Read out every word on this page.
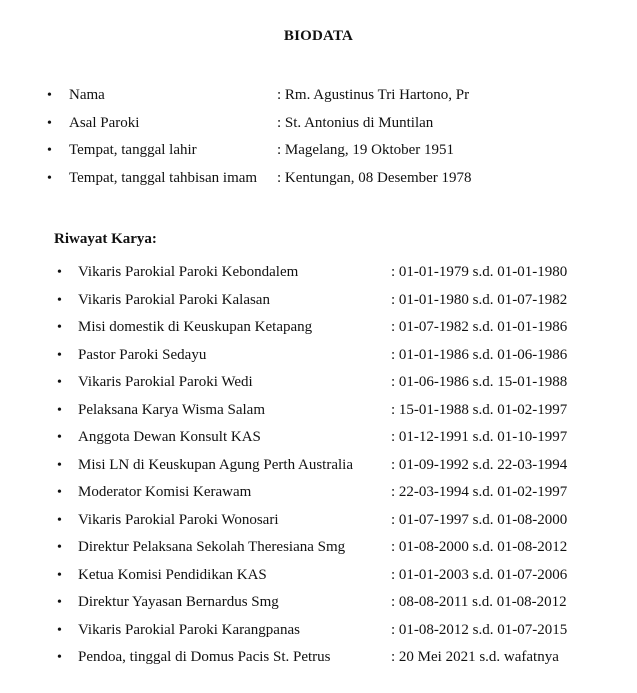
BIODATA
• Nama	: Rm. Agustinus Tri Hartono, Pr
• Asal Paroki	: St. Antonius di Muntilan
• Tempat, tanggal lahir	: Magelang, 19 Oktober 1951
• Tempat, tanggal tahbisan imam : Kentungan, 08 Desember 1978
Riwayat Karya:
• Vikaris Parokial Paroki Kebondalem	: 01-01-1979 s.d. 01-01-1980
• Vikaris Parokial Paroki Kalasan	: 01-01-1980 s.d. 01-07-1982
• Misi domestik di Keuskupan Ketapang	: 01-07-1982 s.d. 01-01-1986
• Pastor Paroki Sedayu	: 01-01-1986 s.d. 01-06-1986
• Vikaris Parokial Paroki Wedi	: 01-06-1986 s.d. 15-01-1988
• Pelaksana Karya Wisma Salam	: 15-01-1988 s.d. 01-02-1997
• Anggota Dewan Konsult KAS	: 01-12-1991 s.d. 01-10-1997
• Misi LN di Keuskupan Agung Perth Australia	: 01-09-1992 s.d. 22-03-1994
• Moderator Komisi Kerawam	: 22-03-1994 s.d. 01-02-1997
• Vikaris Parokial Paroki Wonosari	: 01-07-1997 s.d. 01-08-2000
• Direktur Pelaksana Sekolah Theresiana Smg	: 01-08-2000 s.d. 01-08-2012
• Ketua Komisi Pendidikan KAS	: 01-01-2003 s.d. 01-07-2006
• Direktur Yayasan Bernardus Smg	: 08-08-2011 s.d. 01-08-2012
• Vikaris Parokial Paroki Karangpanas	: 01-08-2012 s.d. 01-07-2015
• Pendoa, tinggal di Domus Pacis St. Petrus	: 20 Mei 2021 s.d. wafatnya
